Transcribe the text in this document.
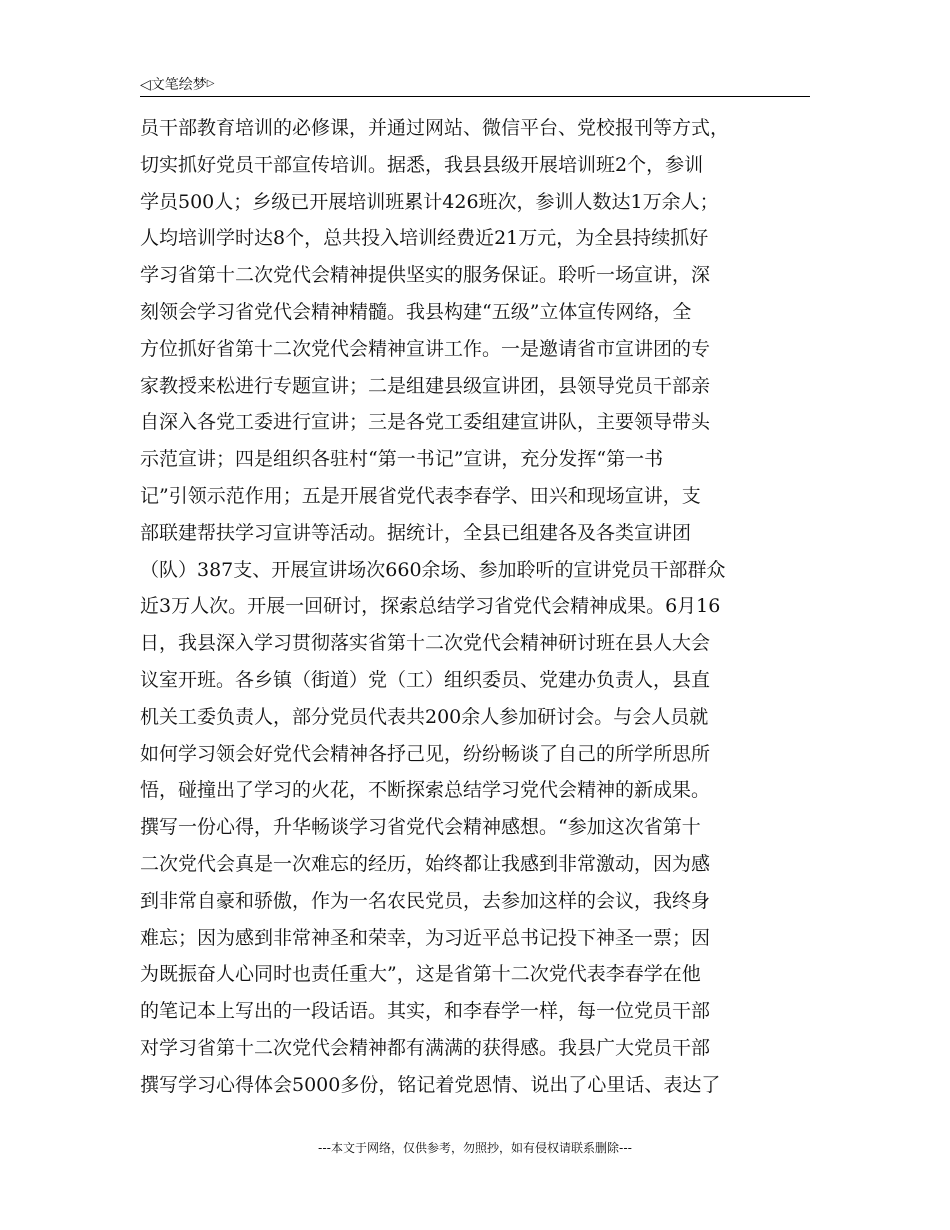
◁文笔绘梦▷
员干部教育培训的必修课，并通过网站、微信平台、党校报刊等方式，
切实抓好党员干部宣传培训。据悉，我县县级开展培训班2个，参训
学员500人；乡级已开展培训班累计426班次，参训人数达1万余人；
人均培训学时达8个，总共投入培训经费近21万元，为全县持续抓好
学习省第十二次党代会精神提供坚实的服务保证。聆听一场宣讲，深
刻领会学习省党代会精神精髓。我县构建“五级”立体宣传网络，全
方位抓好省第十二次党代会精神宣讲工作。一是邀请省市宣讲团的专
家教授来松进行专题宣讲；二是组建县级宣讲团，县领导党员干部亲
自深入各党工委进行宣讲；三是各党工委组建宣讲队，主要领导带头
示范宣讲；四是组织各驻村“第一书记”宣讲，充分发挥“第一书
记”引领示范作用；五是开展省党代表李春学、田兴和现场宣讲，支
部联建帮扶学习宣讲等活动。据统计，全县已组建各及各类宣讲团
（队）387支、开展宣讲场次660余场、参加聆听的宣讲党员干部群众
近3万人次。开展一回研讨，探索总结学习省党代会精神成果。6月16
日，我县深入学习贯彻落实省第十二次党代会精神研讨班在县人大会
议室开班。各乡镇（街道）党（工）组织委员、党建办负责人，县直
机关工委负责人，部分党员代表共200余人参加研讨会。与会人员就
如何学习领会好党代会精神各抒己见，纷纷畅谈了自己的所学所思所
悟，碰撞出了学习的火花，不断探索总结学习党代会精神的新成果。
撰写一份心得，升华畅谈学习省党代会精神感想。“参加这次省第十
二次党代会真是一次难忘的经历，始终都让我感到非常激动，因为感
到非常自豪和骄傲，作为一名农民党员，去参加这样的会议，我终身
难忘；因为感到非常神圣和荣幸，为习近平总书记投下神圣一票；因
为既振奋人心同时也责任重大”，这是省第十二次党代表李春学在他
的笔记本上写出的一段话语。其实，和李春学一样，每一位党员干部
对学习省第十二次党代会精神都有满满的获得感。我县广大党员干部
撰写学习心得体会5000多份，铭记着党恩情、说出了心里话、表达了
---本文于网络，仅供参考，勿照抄，如有侵权请联系删除---
